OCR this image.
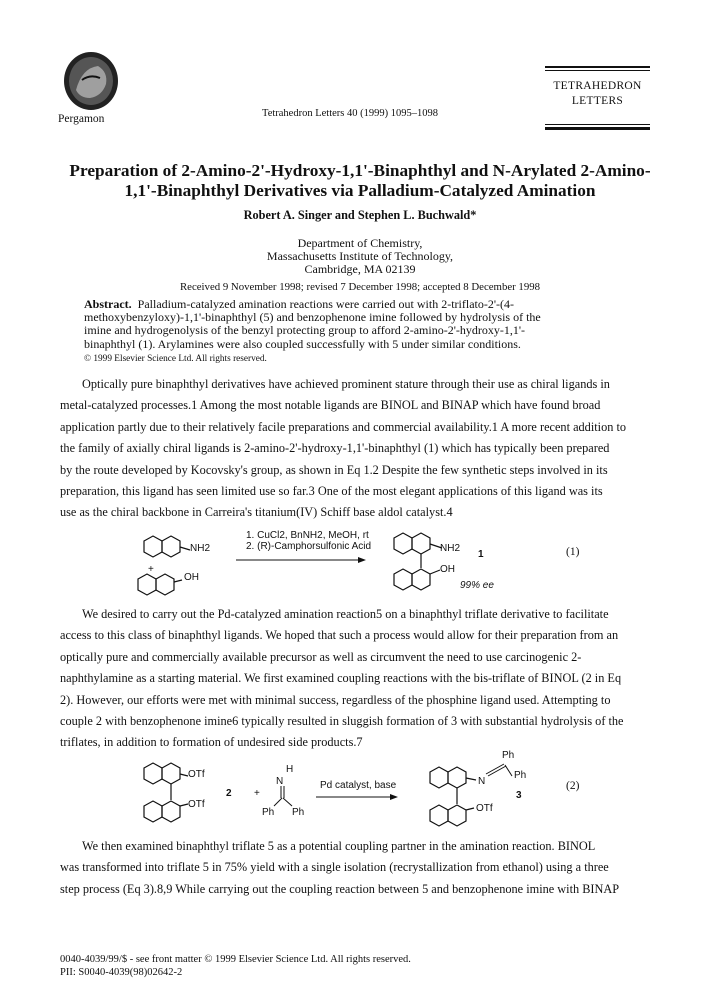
Pergamon	Tetrahedron Letters 40 (1999) 1095–1098
TETRAHEDRON
LETTERS
Preparation of 2-Amino-2'-Hydroxy-1,1'-Binaphthyl and N-Arylated 2-Amino-
1,1'-Binaphthyl Derivatives via Palladium-Catalyzed Amination
Robert A. Singer and Stephen L. Buchwald*
Department of Chemistry,
Massachusetts Institute of Technology,
Cambridge, MA 02139
Received 9 November 1998; revised 7 December 1998; accepted 8 December 1998
Abstract. Palladium-catalyzed amination reactions were carried out with 2-triflato-2'-(4-
methoxybenzyloxy)-1,1'-binaphthyl (5) and benzophenone imine followed by hydrolysis of the
imine and hydrogenolysis of the benzyl protecting group to afford 2-amino-2'-hydroxy-1,1'-
binaphthyl (1). Arylamines were also coupled successfully with 5 under similar conditions.
© 1999 Elsevier Science Ltd. All rights reserved.
Optically pure binaphthyl derivatives have achieved prominent stature through their use as chiral ligands in
metal-catalyzed processes.1 Among the most notable ligands are BINOL and BINAP which have found broad
application partly due to their relatively facile preparations and commercial availability.1 A more recent addition to
the family of axially chiral ligands is 2-amino-2'-hydroxy-1,1'-binaphthyl (1) which has typically been prepared
by the route developed by Kocovsky's group, as shown in Eq 1.2 Despite the few synthetic steps involved in its
preparation, this ligand has seen limited use so far.3 One of the most elegant applications of this ligand was its
use as the chiral backbone in Carreira's titanium(IV) Schiff base aldol catalyst.4
NH2
+
OH
1. CuCl2, BnNH2, MeOH, rt
2. (R)-Camphorsulfonic Acid	NH2
1
OH
99% ee
(1)
We desired to carry out the Pd-catalyzed amination reaction5 on a binaphthyl triflate derivative to facilitate
access to this class of binaphthyl ligands. We hoped that such a process would allow for their preparation from an
optically pure and commercially available precursor as well as circumvent the need to use carcinogenic 2-
naphthylamine as a starting material. We first examined coupling reactions with the bis-triflate of BINOL (2 in Eq
2). However, our efforts were met with minimal success, regardless of the phosphine ligand used. Attempting to
couple 2 with benzophenone imine6 typically resulted in sluggish formation of 3 with substantial hydrolysis of the
triflates, in addition to formation of undesired side products.7
OTf
OTf
2 +
H
N
Ph Ph
Pd catalyst, base
Ph
N
Ph
3
OTf
(2)
We then examined binaphthyl triflate 5 as a potential coupling partner in the amination reaction. BINOL
was transformed into triflate 5 in 75% yield with a single isolation (recrystallization from ethanol) using a three
step process (Eq 3).8,9 While carrying out the coupling reaction between 5 and benzophenone imine with BINAP
0040-4039/99/$ - see front matter © 1999 Elsevier Science Ltd. All rights reserved.
PII: S0040-4039(98)02642-2
